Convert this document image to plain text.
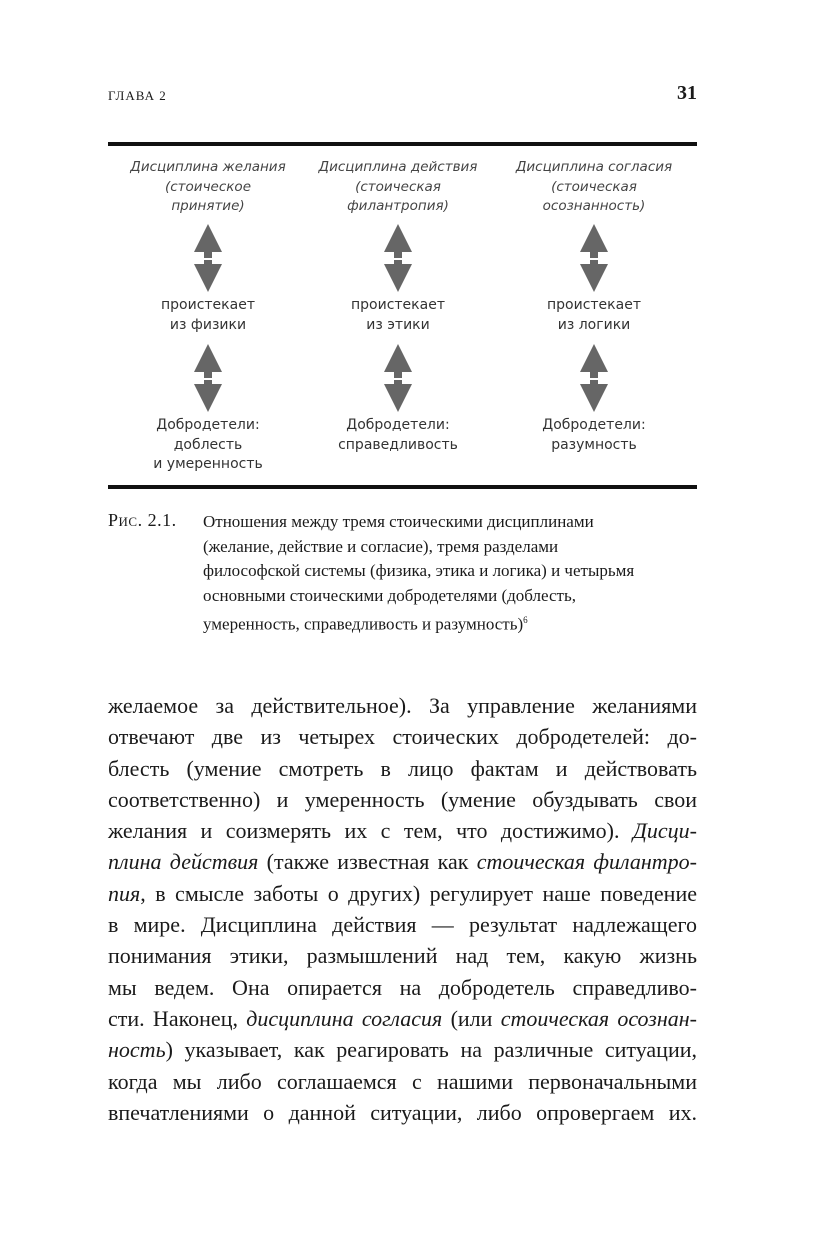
ГЛАВА 2	31
Дисциплина желания
(стоическое
принятие)
проистекает
из физики
Добродетели:
доблесть
и умеренность
Дисциплина действия
(стоическая
филантропия)
проистекает
из этики
Добродетели:
справедливость
Дисциплина согласия
(стоическая
осознанность)
проистекает
из логики
Добродетели:
разумность
Рис. 2.1. Отношения между тремя стоическими дисциплинами
(желание, действие и согласие), тремя разделами
философской системы (физика, этика и логика) и четырьмя
основными стоическими добродетелями (доблесть,
умеренность, справедливость и разумность)$^6$
желаемое за действительное). За управление желаниями
отвечают две из четырех стоических добродетелей: до-
блесть (умение смотреть в лицо фактам и действовать
соответственно) и умеренность (умение обуздывать свои
желания и соизмерять их с тем, что достижимо). Дисци-
плина действия (также известная как стоическая филантро-
пия, в смысле заботы о других) регулирует наше поведение
в мире. Дисциплина действия — результат надлежащего
понимания этики, размышлений над тем, какую жизнь
мы ведем. Она опирается на добродетель справедливо-
сти. Наконец, дисциплина согласия (или стоическая осознан-
ность) указывает, как реагировать на различные ситуации,
когда мы либо соглашаемся с нашими первоначальными
впечатлениями о данной ситуации, либо опровергаем их.
